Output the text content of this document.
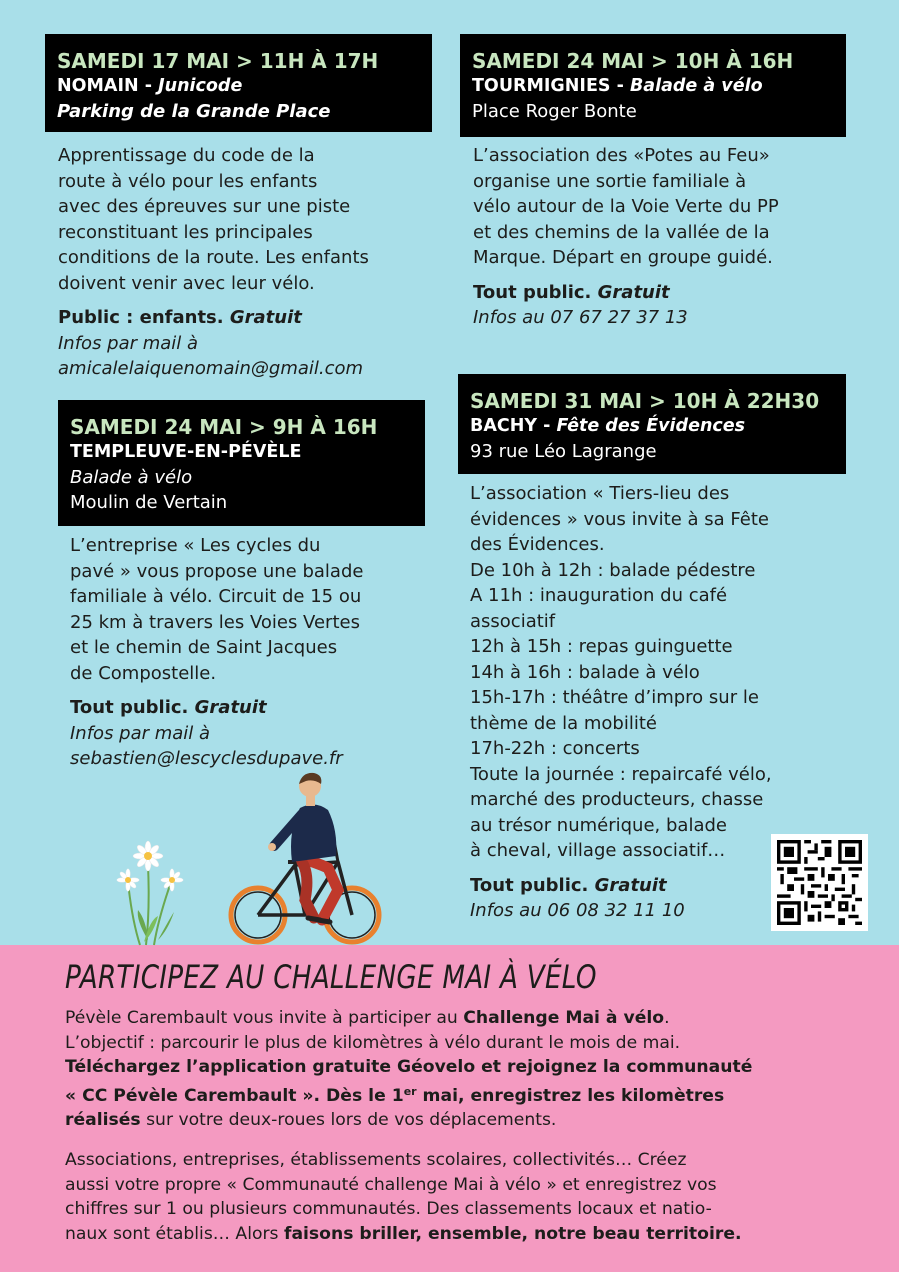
SAMEDI 17 MAI > 11H À 17H
NOMAIN - Junicode
Parking de la Grande Place

Apprentissage du code de la

route à vélo pour les enfants

avec des épreuves sur une piste

reconstituant les principales

conditions de la route. Les enfants

doivent venir avec leur vélo.

Public : enfants. Gratuit

Infos par mail à

amicalelaiquenomain@gmail.com

SAMEDI 24 MAI > 9H À 16H
TEMPLEUVE-EN-PÉVÈLE
Balade à vélo
Moulin de Vertain

L’entreprise « Les cycles du

pavé » vous propose une balade

familiale à vélo. Circuit de 15 ou

25 km à travers les Voies Vertes

et le chemin de Saint Jacques

de Compostelle.

Tout public. Gratuit

Infos par mail à

sebastien@lescyclesdupave.fr

SAMEDI 24 MAI > 10H À 16H
TOURMIGNIES - Balade à vélo
Place Roger Bonte

L’association des «Potes au Feu»

organise une sortie familiale à

vélo autour de la Voie Verte du PP

et des chemins de la vallée de la

Marque. Départ en groupe guidé.

Tout public. Gratuit

Infos au 07 67 27 37 13

SAMEDI 31 MAI > 10H À 22H30
BACHY - Fête des Évidences
93 rue Léo Lagrange

L’association « Tiers-lieu des

évidences » vous invite à sa Fête

des Évidences.

De 10h à 12h : balade pédestre

A 11h : inauguration du café

associatif

12h à 15h : repas guinguette

14h à 16h : balade à vélo

15h-17h : théâtre d’impro sur le

thème de la mobilité

17h-22h : concerts

Toute la journée : repaircafé vélo,

marché des producteurs, chasse

au trésor numérique, balade

à cheval, village associatif…

Tout public. Gratuit

Infos au 06 08 32 11 10

PARTICIPEZ AU CHALLENGE MAI À VÉLO

Pévèle Carembault vous invite à participer au Challenge Mai à vélo.

L’objectif : parcourir le plus de kilomètres à vélo durant le mois de mai.

Téléchargez l’application gratuite Géovelo et rejoignez la communauté

« CC Pévèle Carembault ». Dès le 1er mai, enregistrez les kilomètres

réalisés sur votre deux-roues lors de vos déplacements.

Associations, entreprises, établissements scolaires, collectivités… Créez

aussi votre propre « Communauté challenge Mai à vélo » et enregistrez vos

chiffres sur 1 ou plusieurs communautés. Des classements locaux et natio-

naux sont établis… Alors faisons briller, ensemble, notre beau territoire.
